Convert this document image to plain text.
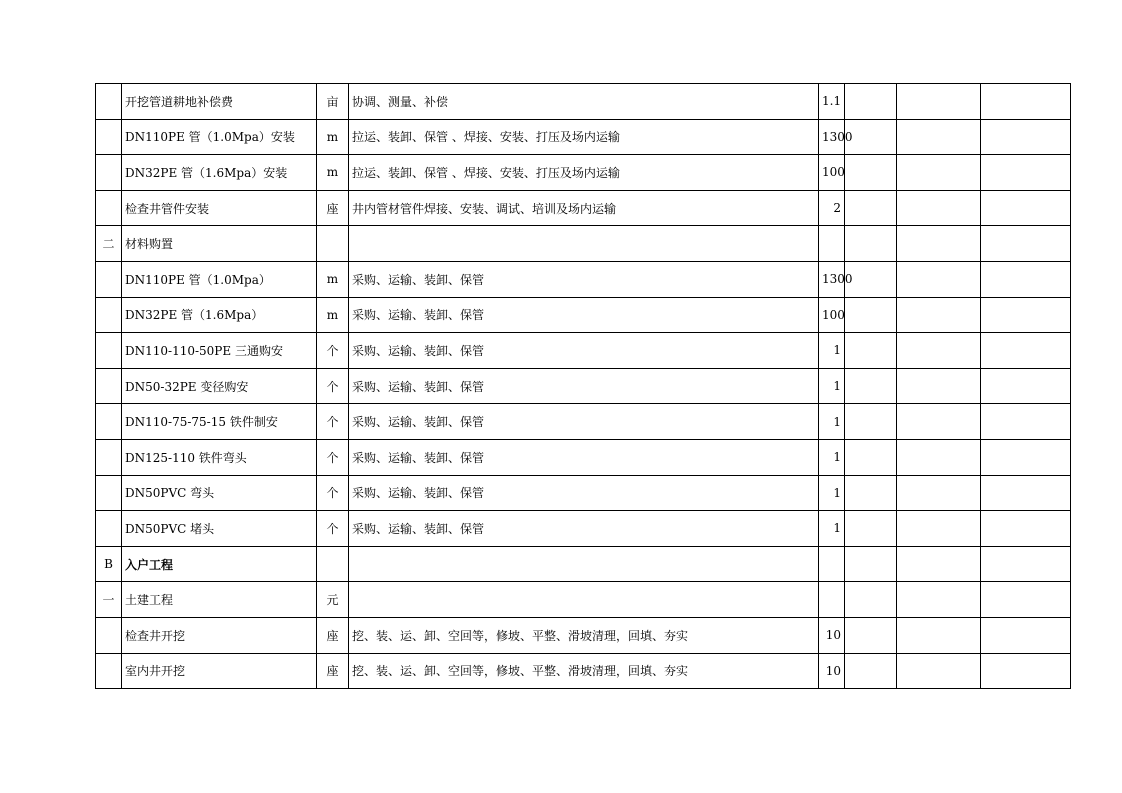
	开挖管道耕地补偿费	亩	协调、测量、补偿	1.1			
	DN110PE 管（1.0Mpa）安装	m	拉运、装卸、保管 、焊接、安装、打压及场内运输	1300			
	DN32PE 管（1.6Mpa）安装	m	拉运、装卸、保管 、焊接、安装、打压及场内运输	100			
	检查井管件安装	座	井内管材管件焊接、安装、调试、培训及场内运输	2			
二	材料购置						
	DN110PE 管（1.0Mpa）	m	采购、运输、装卸、保管	1300			
	DN32PE 管（1.6Mpa）	m	采购、运输、装卸、保管	100			
	DN110-110-50PE 三通购安	个	采购、运输、装卸、保管	1			
	DN50-32PE 变径购安	个	采购、运输、装卸、保管	1			
	DN110-75-75-15 铁件制安	个	采购、运输、装卸、保管	1			
	DN125-110 铁件弯头	个	采购、运输、装卸、保管	1			
	DN50PVC 弯头	个	采购、运输、装卸、保管	1			
	DN50PVC 堵头	个	采购、运输、装卸、保管	1			
B	入户工程						
一	土建工程	元					
	检查井开挖	座	挖、装、运、卸、空回等，修坡、平整、滑坡清理，回填、夯实	10			
	室内井开挖	座	挖、装、运、卸、空回等，修坡、平整、滑坡清理，回填、夯实	10			
